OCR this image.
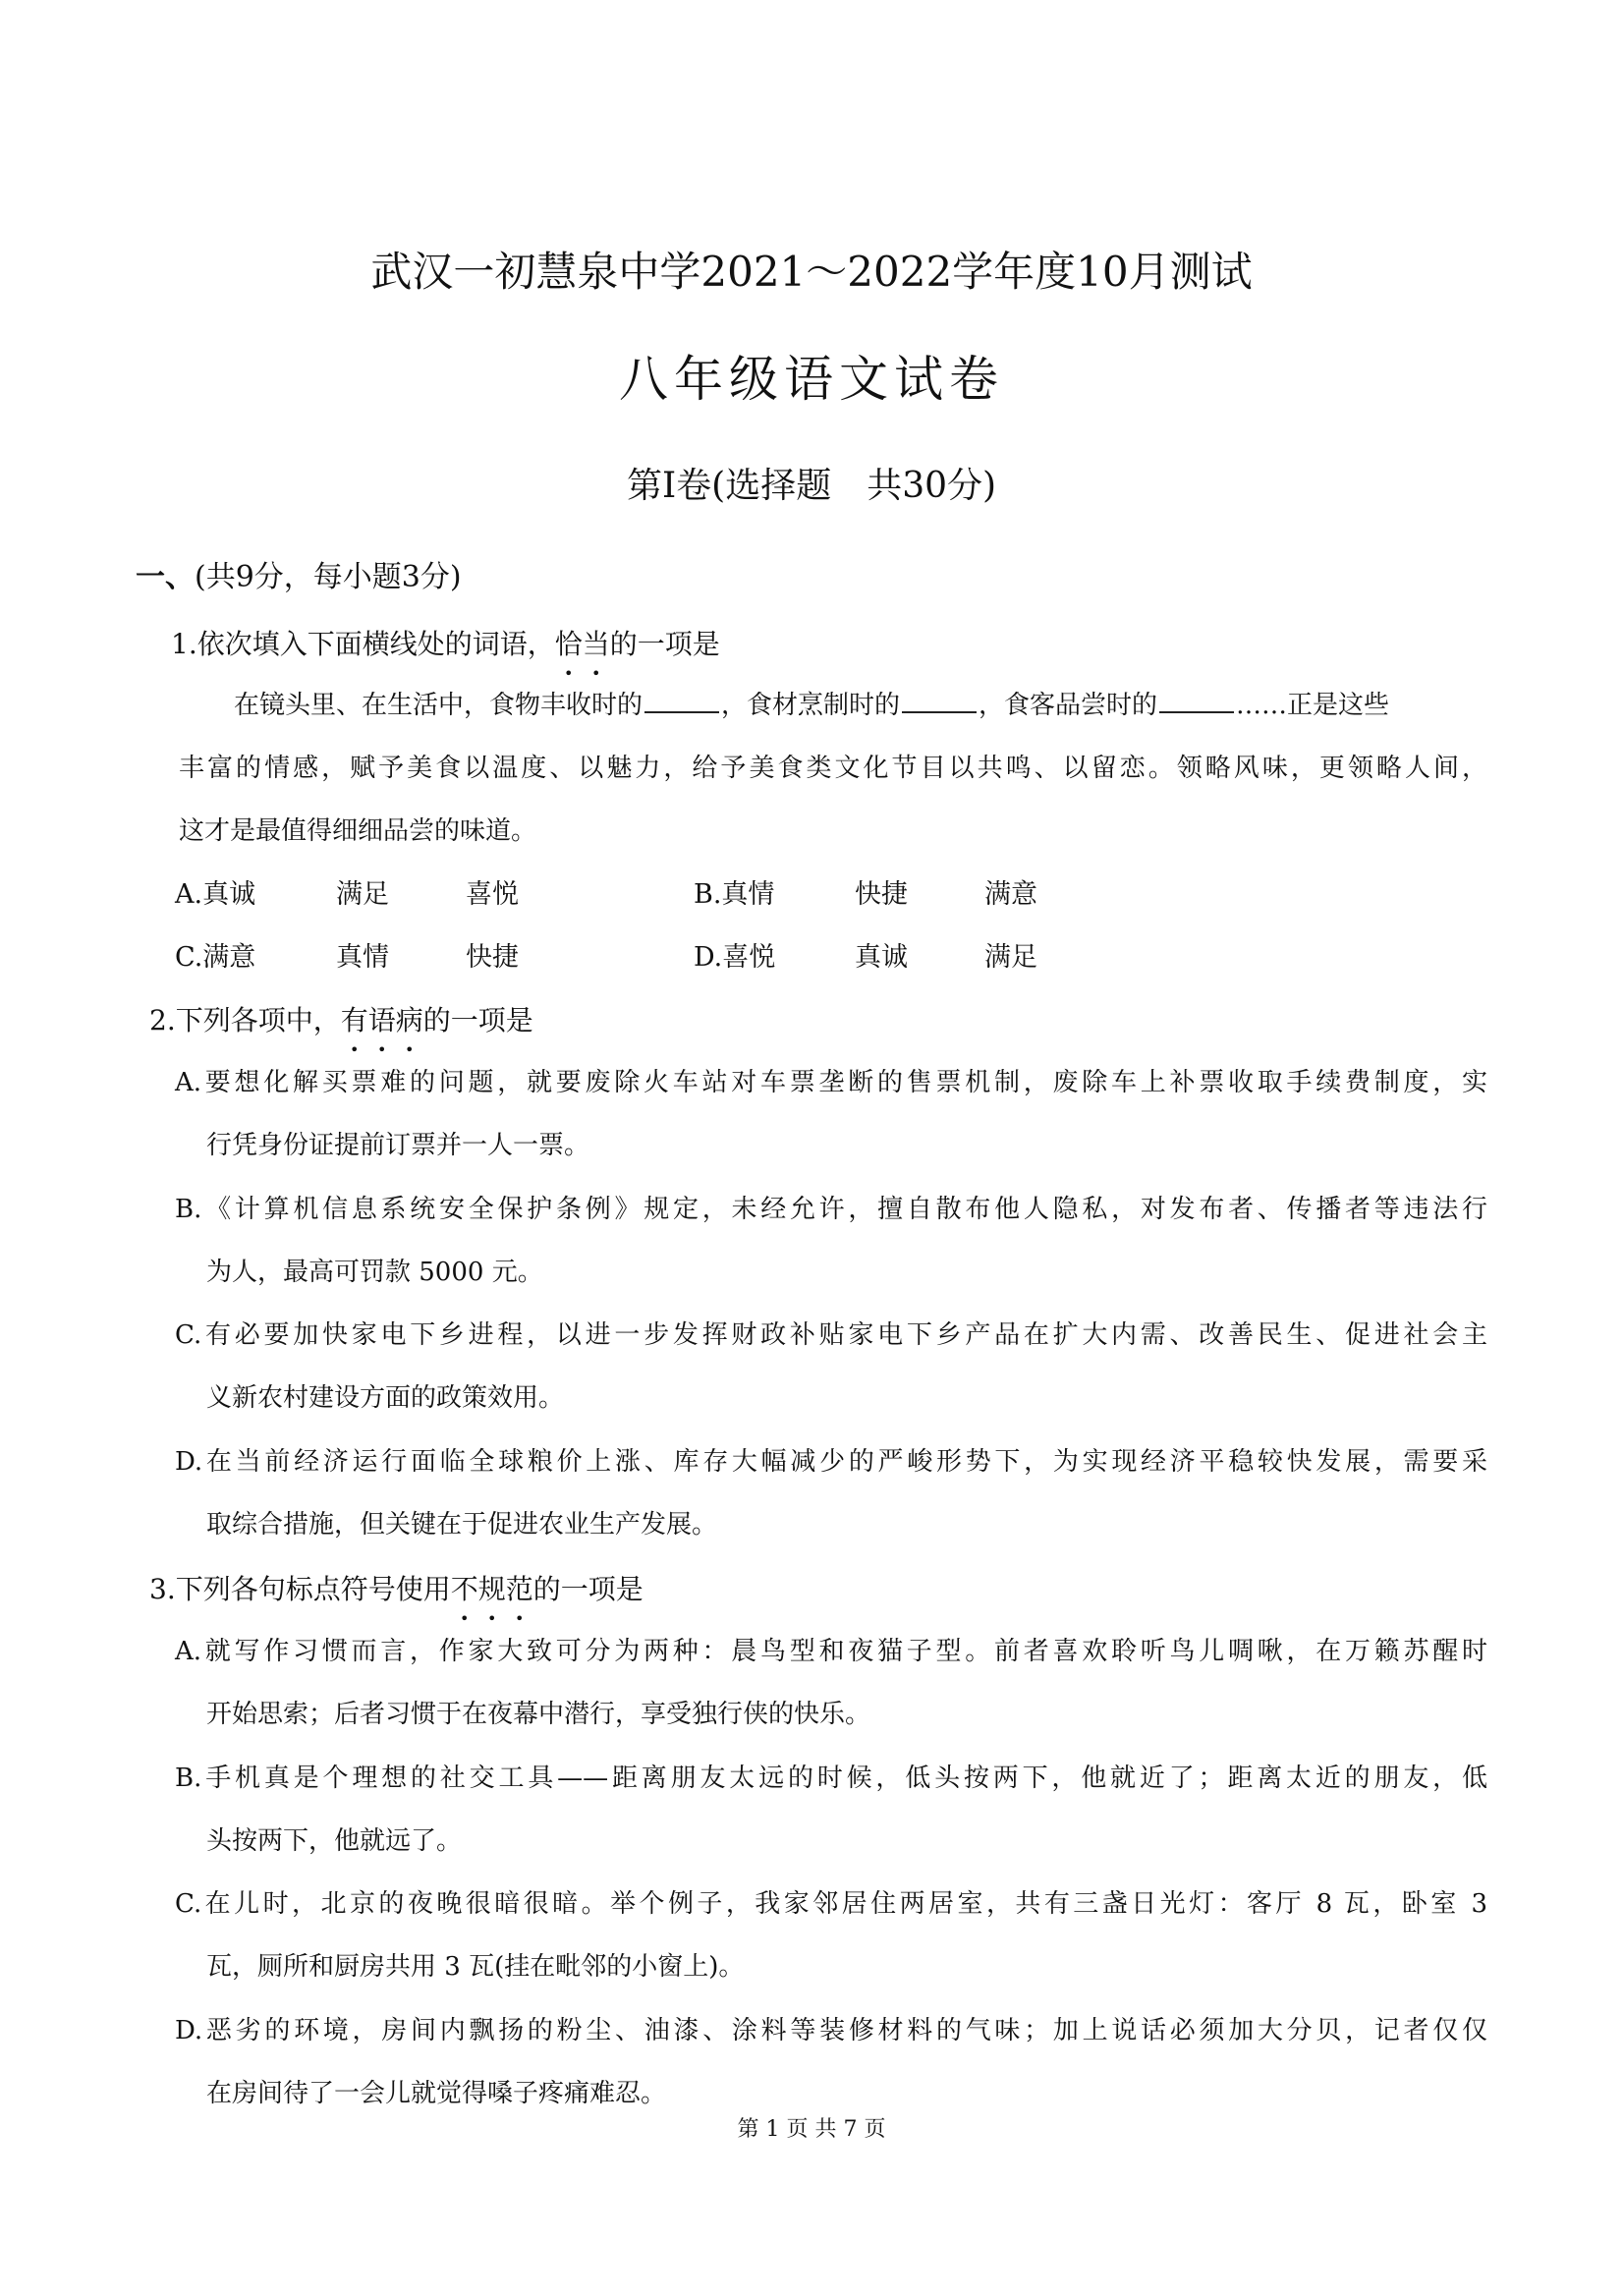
武汉一初慧泉中学2021～2022学年度10月测试
八年级语文试卷
第Ⅰ卷(选择题　共30分)
一、(共9分，每小题3分)
1.依次填入下面横线处的词语，恰当的一项是
在镜头里、在生活中，食物丰收时的	，食材烹制时的	，食客品尝时的	……正是这些
丰富的情感，赋予美食以温度、以魅力，给予美食类文化节目以共鸣、以留恋。领略风味，更领略人间，
这才是最值得细细品尝的味道。
A.真诚	满足	喜悦	B.真情	快捷	满意
C.满意	真情	快捷	D.喜悦	真诚	满足
2.下列各项中，有语病的一项是
A.要想化解买票难的问题，就要废除火车站对车票垄断的售票机制，废除车上补票收取手续费制度，实
行凭身份证提前订票并一人一票。
B.《计算机信息系统安全保护条例》规定，未经允许，擅自散布他人隐私，对发布者、传播者等违法行
为人，最高可罚款 5000 元。
C.有必要加快家电下乡进程，以进一步发挥财政补贴家电下乡产品在扩大内需、改善民生、促进社会主
义新农村建设方面的政策效用。
D.在当前经济运行面临全球粮价上涨、库存大幅减少的严峻形势下，为实现经济平稳较快发展，需要采
取综合措施，但关键在于促进农业生产发展。
3.下列各句标点符号使用不规范的一项是
A.就写作习惯而言，作家大致可分为两种：晨鸟型和夜猫子型。前者喜欢聆听鸟儿啁啾，在万籁苏醒时
开始思索；后者习惯于在夜幕中潜行，享受独行侠的快乐。
B.手机真是个理想的社交工具——距离朋友太远的时候，低头按两下，他就近了；距离太近的朋友，低
头按两下，他就远了。
C.在儿时，北京的夜晚很暗很暗。举个例子，我家邻居住两居室，共有三盏日光灯：客厅 8 瓦，卧室 3
瓦，厕所和厨房共用 3 瓦(挂在毗邻的小窗上)。
D.恶劣的环境，房间内飘扬的粉尘、油漆、涂料等装修材料的气味；加上说话必须加大分贝，记者仅仅
在房间待了一会儿就觉得嗓子疼痛难忍。
第 1 页 共 7 页
